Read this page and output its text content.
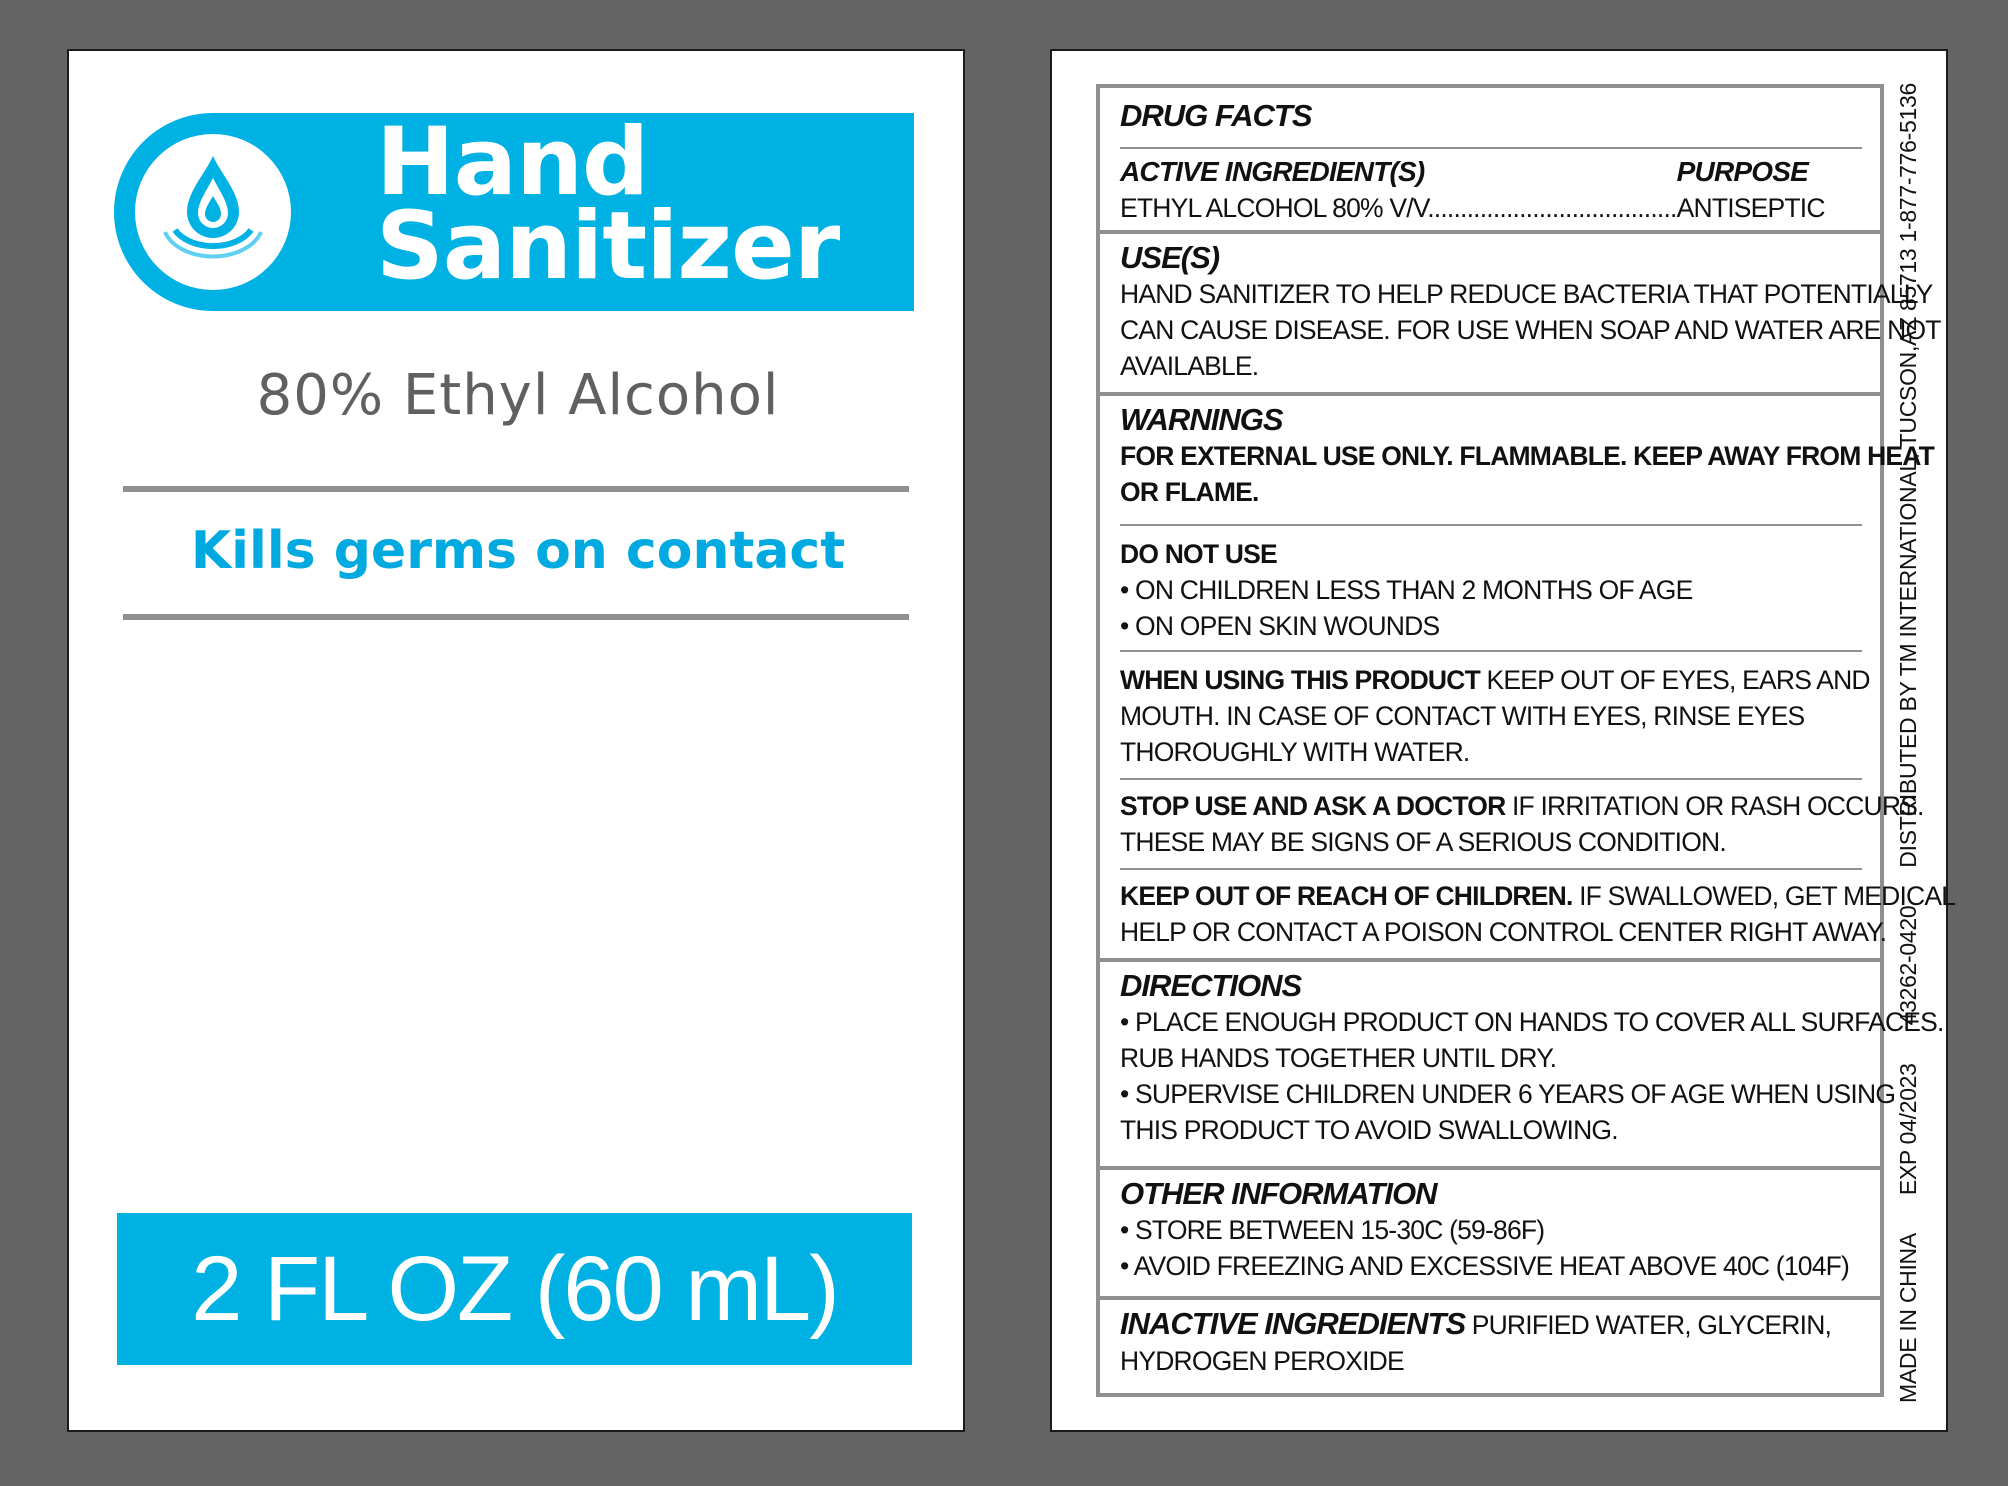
Hand
Sanitizer
80% Ethyl Alcohol
Kills germs on contact
2 FL OZ (60 mL)
DRUG FACTS
ACTIVE INGREDIENT(S)	PURPOSE
ETHYL ALCOHOL 80% V/V......................................ANTISEPTIC
USE(S)
HAND SANITIZER TO HELP REDUCE BACTERIA THAT POTENTIALLY
CAN CAUSE DISEASE. FOR USE WHEN SOAP AND WATER ARE NOT
AVAILABLE.
WARNINGS
FOR EXTERNAL USE ONLY. FLAMMABLE. KEEP AWAY FROM HEAT
OR FLAME.
DO NOT USE
• ON CHILDREN LESS THAN 2 MONTHS OF AGE
• ON OPEN SKIN WOUNDS
WHEN USING THIS PRODUCT KEEP OUT OF EYES, EARS AND
MOUTH. IN CASE OF CONTACT WITH EYES, RINSE EYES
THOROUGHLY WITH WATER.
STOP USE AND ASK A DOCTOR IF IRRITATION OR RASH OCCURS.
THESE MAY BE SIGNS OF A SERIOUS CONDITION.
KEEP OUT OF REACH OF CHILDREN. IF SWALLOWED, GET MEDICAL
HELP OR CONTACT A POISON CONTROL CENTER RIGHT AWAY.
DIRECTIONS
• PLACE ENOUGH PRODUCT ON HANDS TO COVER ALL SURFACES.
RUB HANDS TOGETHER UNTIL DRY.
• SUPERVISE CHILDREN UNDER 6 YEARS OF AGE WHEN USING
THIS PRODUCT TO AVOID SWALLOWING.
OTHER INFORMATION
• STORE BETWEEN 15-30C (59-86F)
• AVOID FREEZING AND EXCESSIVE HEAT ABOVE 40C (104F)
INACTIVE INGREDIENTS PURIFIED WATER, GLYCERIN,
HYDROGEN PEROXIDE	MADE IN CHINA
EXP 04/2023
43262-0420
DISTRIBUTED BY TM INTERNATIONAL, TUCSON,AZ 85713 1-877-776-5136
